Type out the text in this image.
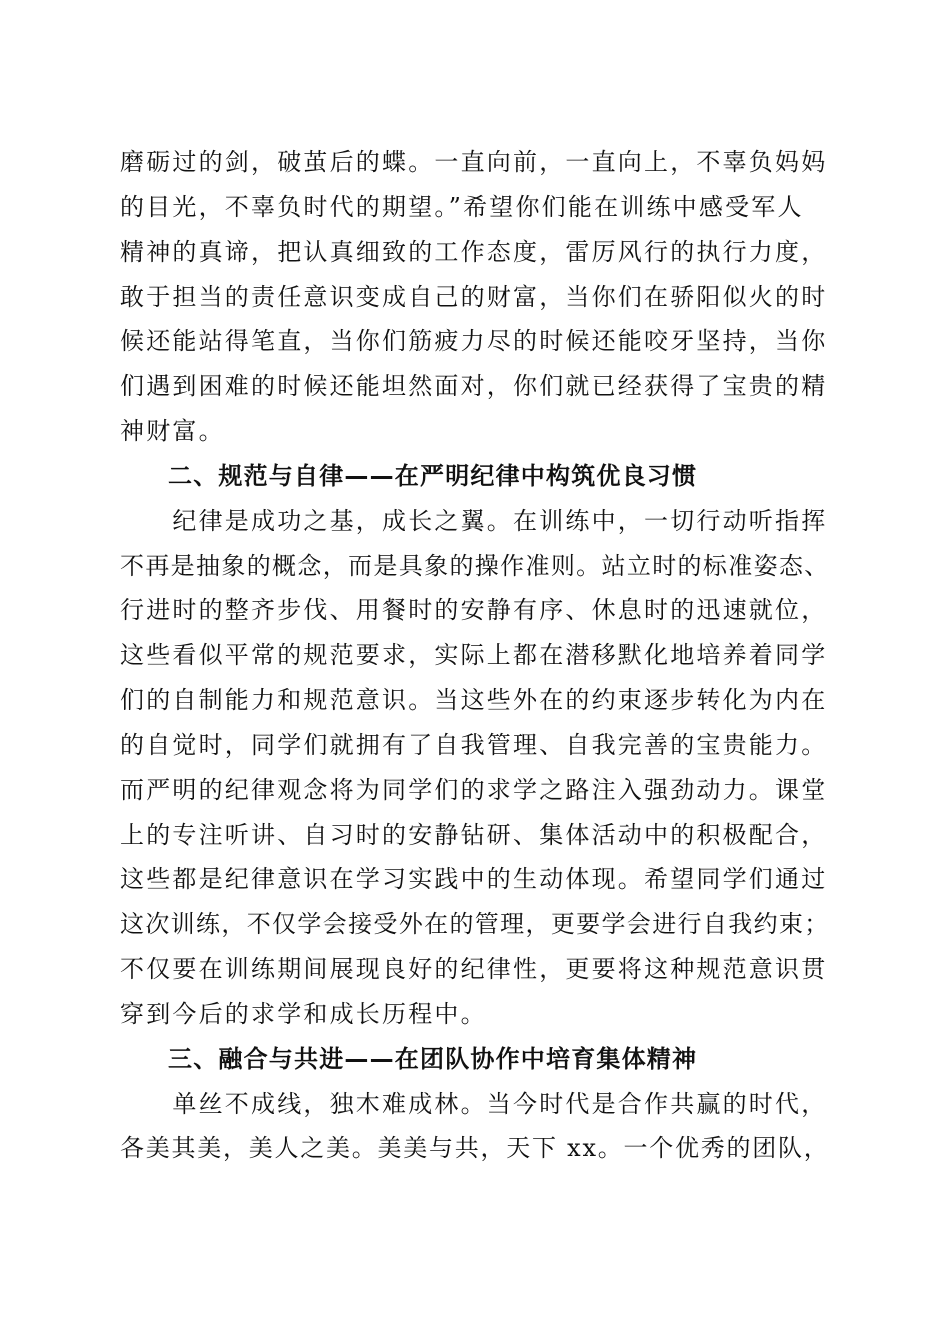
磨砺过的剑，破茧后的蝶。一直向前，一直向上，不辜负妈妈
的目光，不辜负时代的期望。”希望你们能在训练中感受军人
精神的真谛，把认真细致的工作态度，雷厉风行的执行力度，
敢于担当的责任意识变成自己的财富，当你们在骄阳似火的时
候还能站得笔直，当你们筋疲力尽的时候还能咬牙坚持，当你
们遇到困难的时候还能坦然面对，你们就已经获得了宝贵的精
神财富。
二、规范与自律——在严明纪律中构筑优良习惯
　　纪律是成功之基，成长之翼。在训练中，一切行动听指挥
不再是抽象的概念，而是具象的操作准则。站立时的标准姿态、
行进时的整齐步伐、用餐时的安静有序、休息时的迅速就位，
这些看似平常的规范要求，实际上都在潜移默化地培养着同学
们的自制能力和规范意识。当这些外在的约束逐步转化为内在
的自觉时，同学们就拥有了自我管理、自我完善的宝贵能力。
而严明的纪律观念将为同学们的求学之路注入强劲动力。课堂
上的专注听讲、自习时的安静钻研、集体活动中的积极配合，
这些都是纪律意识在学习实践中的生动体现。希望同学们通过
这次训练，不仅学会接受外在的管理，更要学会进行自我约束；
不仅要在训练期间展现良好的纪律性，更要将这种规范意识贯
穿到今后的求学和成长历程中。
三、融合与共进——在团队协作中培育集体精神
　　单丝不成线，独木难成林。当今时代是合作共赢的时代，
各美其美，美人之美。美美与共，天下 xx。一个优秀的团队，
